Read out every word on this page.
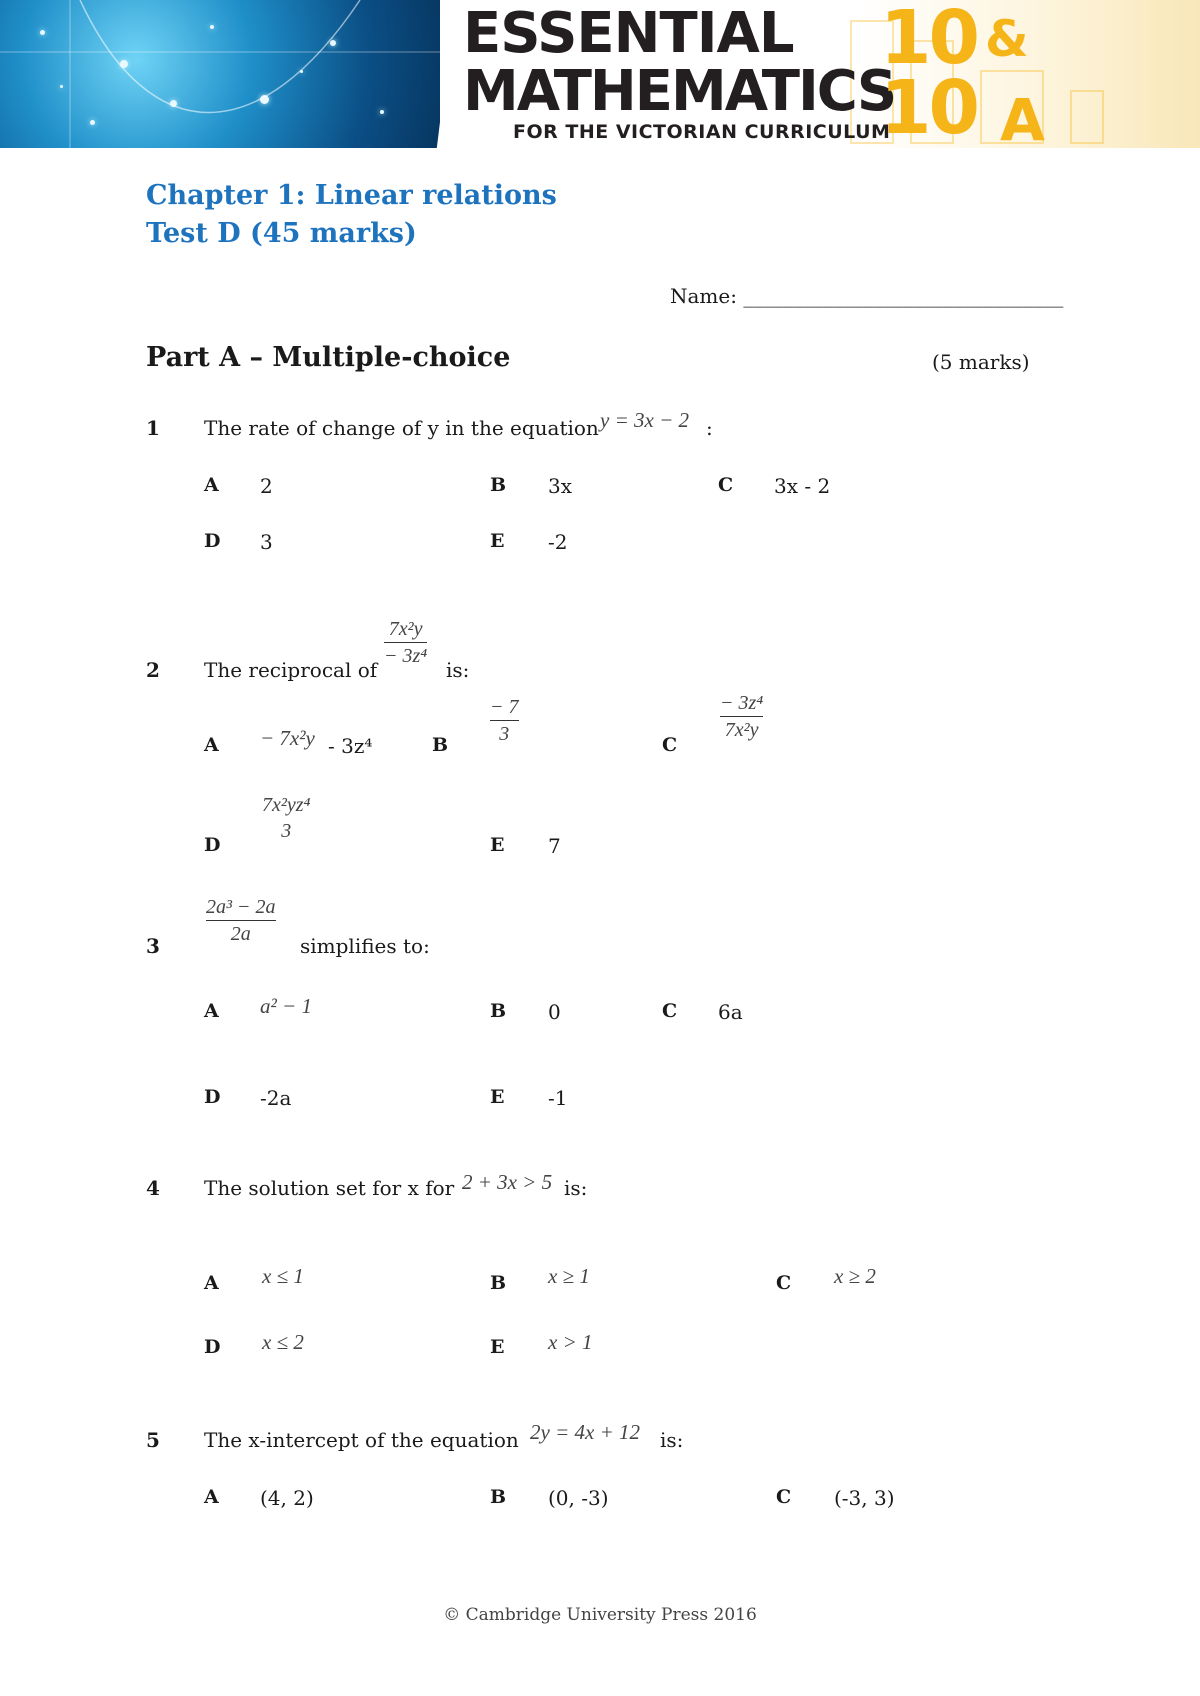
ESSENTIAL
MATHEMATICS
FOR THE VICTORIAN CURRICULUM
10 &
10 A
Chapter 1: Linear relations
Test D (45 marks)
Name: ________________________________
Part A – Multiple-choice	(5 marks)
1 The rate of change of y in the equation y = 3x − 2 :
A 2	B 3x	C 3x - 2
D 3	E -2
2 The reciprocal of
7x²y
− 3z⁴
is:
A − 7x²y - 3z⁴	B
− 7
3	C
− 3z⁴
7x²y
D
7x²yz⁴
3
E 7
3
2a³ − 2a
2a simplifies to:
A a² − 1	B 0	C 6a
D -2a	E -1
4 The solution set for x for 2 + 3x > 5 is:
A x ≤ 1	B x ≥ 1	C x ≥ 2
D x ≤ 2	E x > 1
5 The x-intercept of the equation 2y = 4x + 12 is:
A (4, 2)	B (0, -3)	C (-3, 3)
© Cambridge University Press 2016
